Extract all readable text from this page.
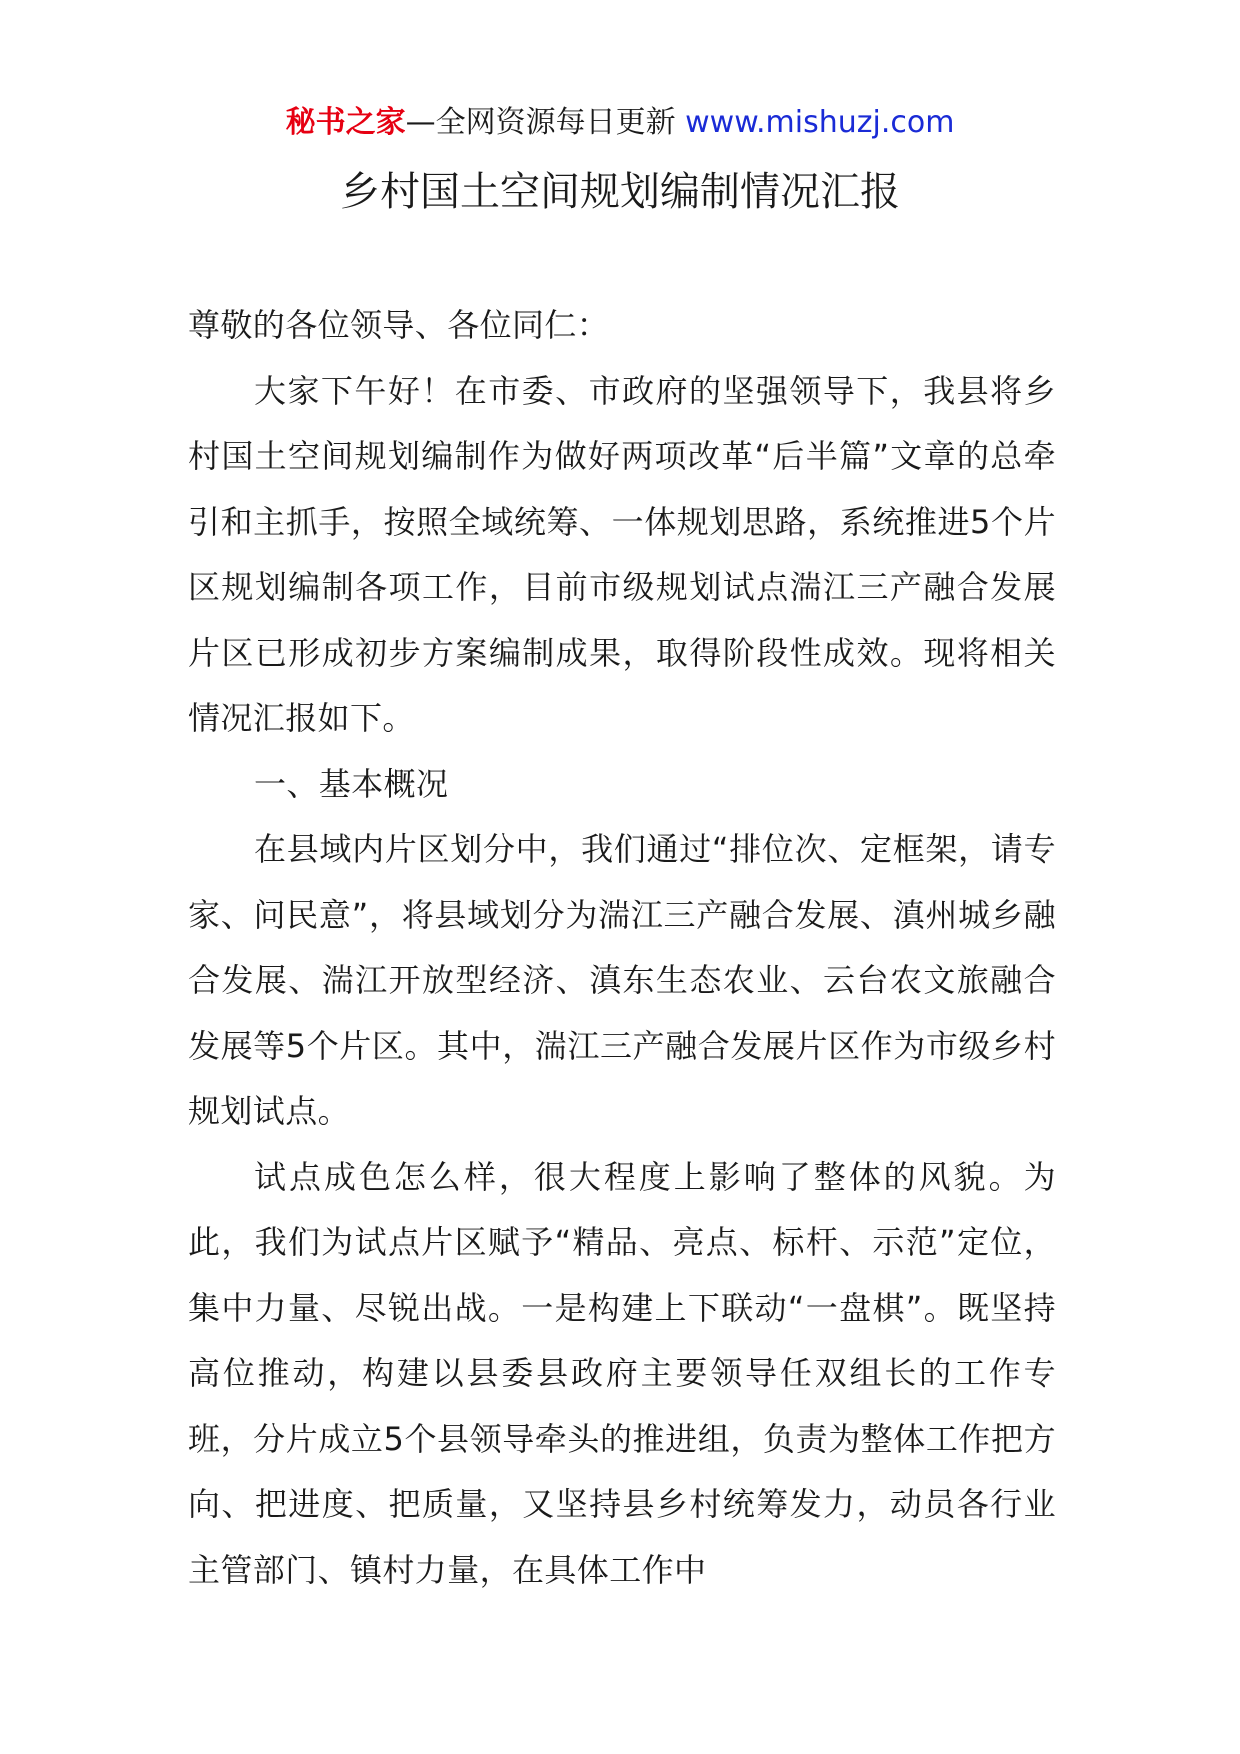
秘书之家—全网资源每日更新 www.mishuzj.com
乡村国土空间规划编制情况汇报

尊敬的各位领导、各位同仁：

大家下午好！在市委、市政府的坚强领导下，我县将乡村国土空间规划编制作为做好两项改革“后半篇”文章的总牵引和主抓手，按照全域统筹、一体规划思路，系统推进5个片区规划编制各项工作，目前市级规划试点湍江三产融合发展片区已形成初步方案编制成果，取得阶段性成效。现将相关情况汇报如下。

一、基本概况

在县域内片区划分中，我们通过“排位次、定框架，请专家、问民意”，将县域划分为湍江三产融合发展、滇州城乡融合发展、湍江开放型经济、滇东生态农业、云台农文旅融合发展等5个片区。其中，湍江三产融合发展片区作为市级乡村规划试点。

试点成色怎么样，很大程度上影响了整体的风貌。为此，我们为试点片区赋予“精品、亮点、标杆、示范”定位，集中力量、尽锐出战。一是构建上下联动“一盘棋”。既坚持高位推动，构建以县委县政府主要领导任双组长的工作专班，分片成立5个县领导牵头的推进组，负责为整体工作把方向、把进度、把质量，又坚持县乡村统筹发力，动员各行业主管部门、镇村力量，在具体工作中
